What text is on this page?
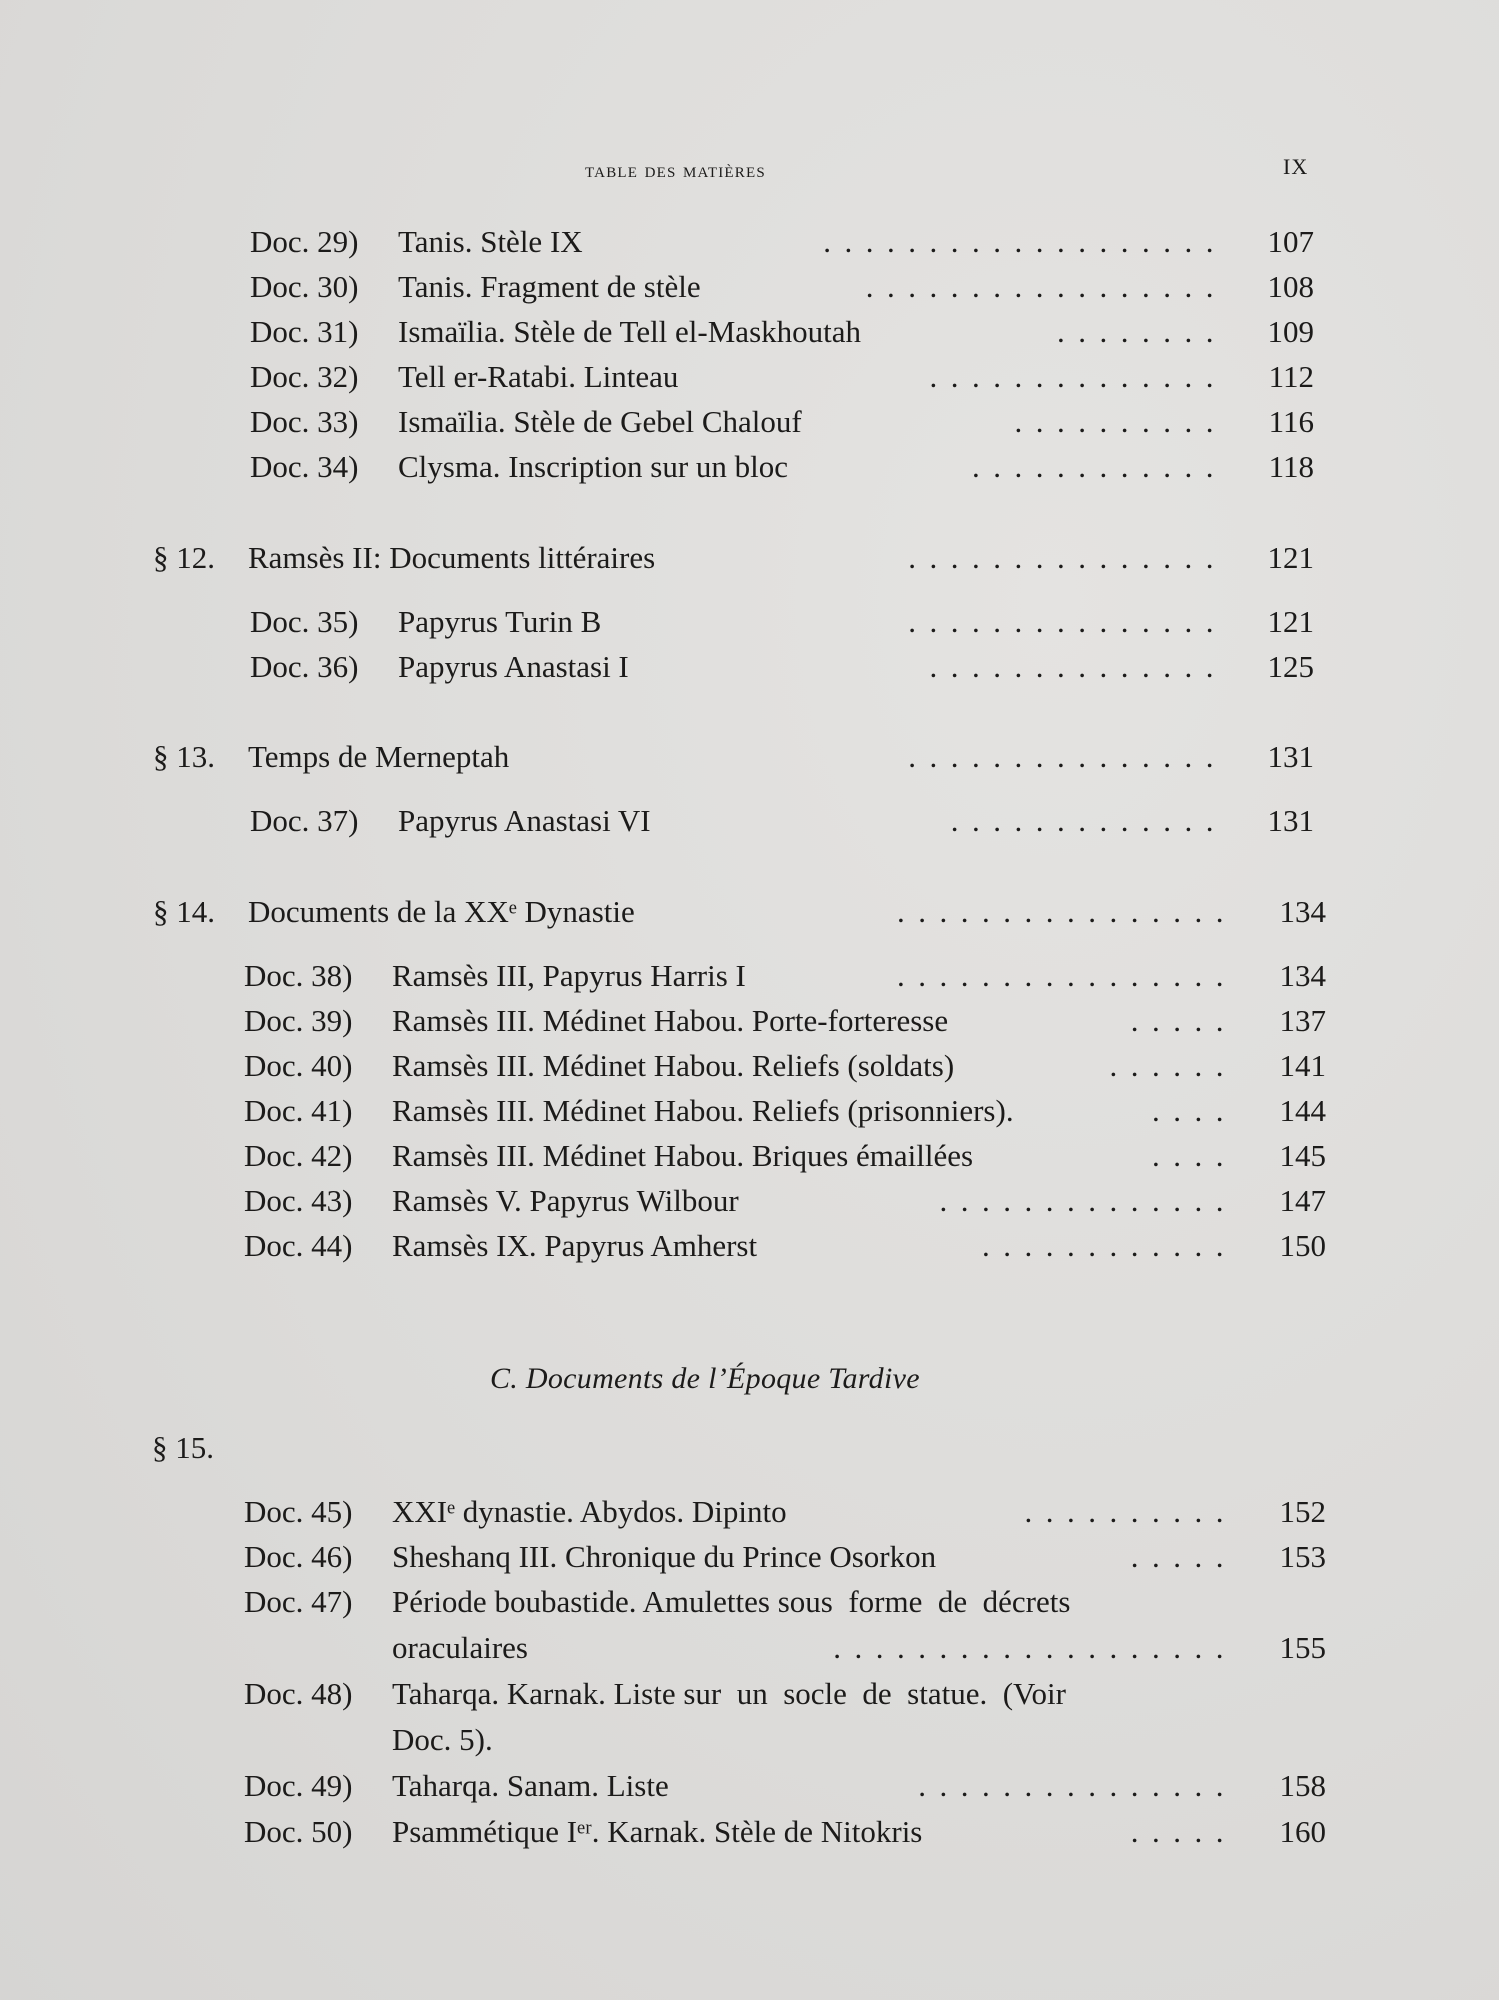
table des matières	IX
Doc. 29) Tanis. Stèle IX	................... 107
Doc. 30) Tanis. Fragment de stèle	................. 108
Doc. 31) Ismaïlia. Stèle de Tell el-Maskhoutah	........ 109
Doc. 32) Tell er-Ratabi. Linteau	.............. 112
Doc. 33) Ismaïlia. Stèle de Gebel Chalouf	.......... 116
Doc. 34) Clysma. Inscription sur un bloc	............ 118
§ 12. Ramsès II: Documents littéraires	............... 121
Doc. 35) Papyrus Turin B	............... 121
Doc. 36) Papyrus Anastasi I	.............. 125
§ 13. Temps de Merneptah	............... 131
Doc. 37) Papyrus Anastasi VI	............. 131
§ 14. Documents de la XXᵉ Dynastie	................ 134
Doc. 38) Ramsès III, Papyrus Harris I	................ 134
Doc. 39) Ramsès III. Médinet Habou. Porte-forteresse	..... 137
Doc. 40) Ramsès III. Médinet Habou. Reliefs (soldats)	...... 141
Doc. 41) Ramsès III. Médinet Habou. Reliefs (prisonniers).	.... 144
Doc. 42) Ramsès III. Médinet Habou. Briques émaillées	.... 145
Doc. 43) Ramsès V. Papyrus Wilbour	.............. 147
Doc. 44) Ramsès IX. Papyrus Amherst	............ 150
C. Documents de l’Époque Tardive
§ 15.
Doc. 45) XXIᵉ dynastie. Abydos. Dipinto	.......... 152
Doc. 46) Sheshanq III. Chronique du Prince Osorkon	..... 153
Doc. 47) Période boubastide. Amulettes sous  forme  de  décrets
oraculaires	................... 155
Doc. 48) Taharqa. Karnak. Liste sur  un  socle  de  statue.  (Voir
Doc. 5).
Doc. 49) Taharqa. Sanam. Liste	............... 158
Doc. 50) Psammétique Iᵉʳ. Karnak. Stèle de Nitokris	..... 160
